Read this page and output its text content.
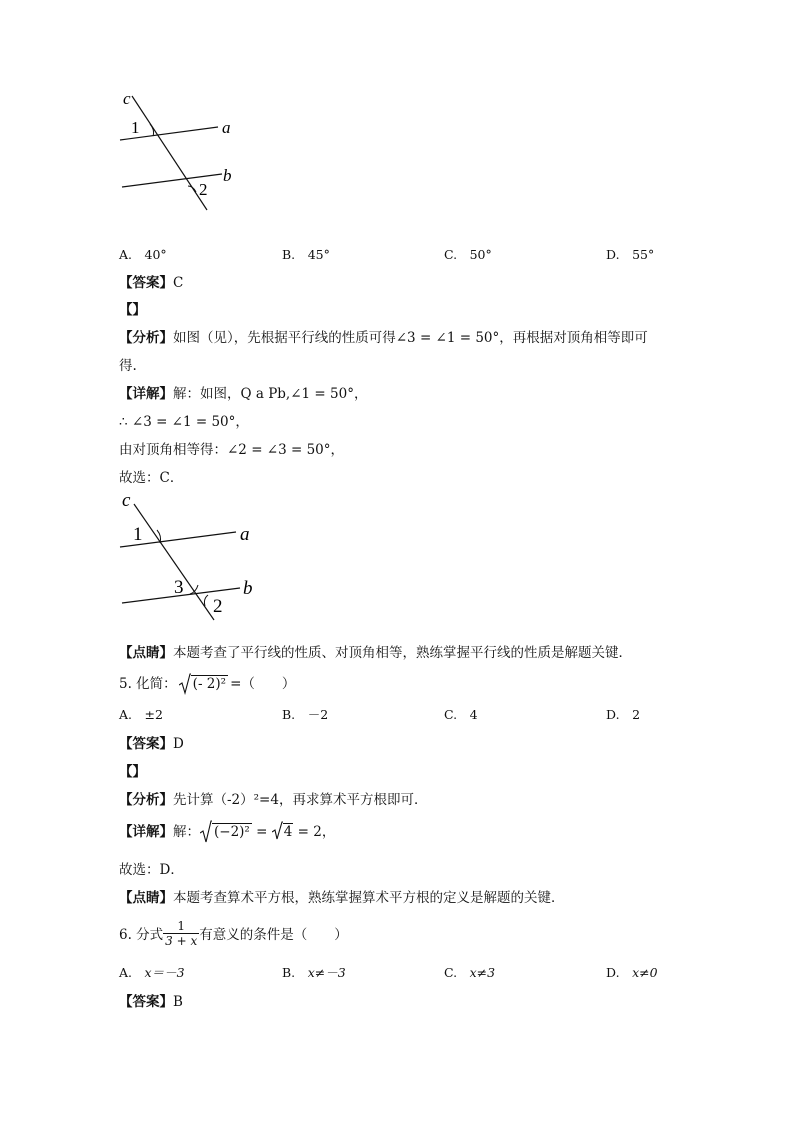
c
a
b
1
2
A.　 40°	B.　 45°	C.　 50°	D.　 55°
【答案】C
【】
【分析】如图（见），先根据平行线的性质可得∠3 = ∠1 = 50°，再根据对顶角相等即可
得.
【详解】解：如图，Q a Pb,∠1 = 50°，
∴ ∠3 = ∠1 = 50°，
由对顶角相等得：∠2 = ∠3 = 50°，
故选：C．
c
a
b
1
3
2
【点睛】本题考查了平行线的性质、对顶角相等，熟练掌握平行线的性质是解题关键．
5. 化简： (- 2)² =（　　）
A.　 ±2	B.　 －2	C.　 4	D.　 2
【答案】D
【】
【分析】先计算（-2）²=4，再求算术平方根即可．
【详解】解： (−2)² =
4 = 2，
故选：D．
【点睛】本题考查算术平方根，熟练掌握算术平方根的定义是解题的关键．
6. 分式 $\frac{1}{3 + x}$ 有意义的条件是（　　）
A.　 x＝－3	B.　 x≠－3	C.　 x≠3	D.　 x≠0
【答案】B
